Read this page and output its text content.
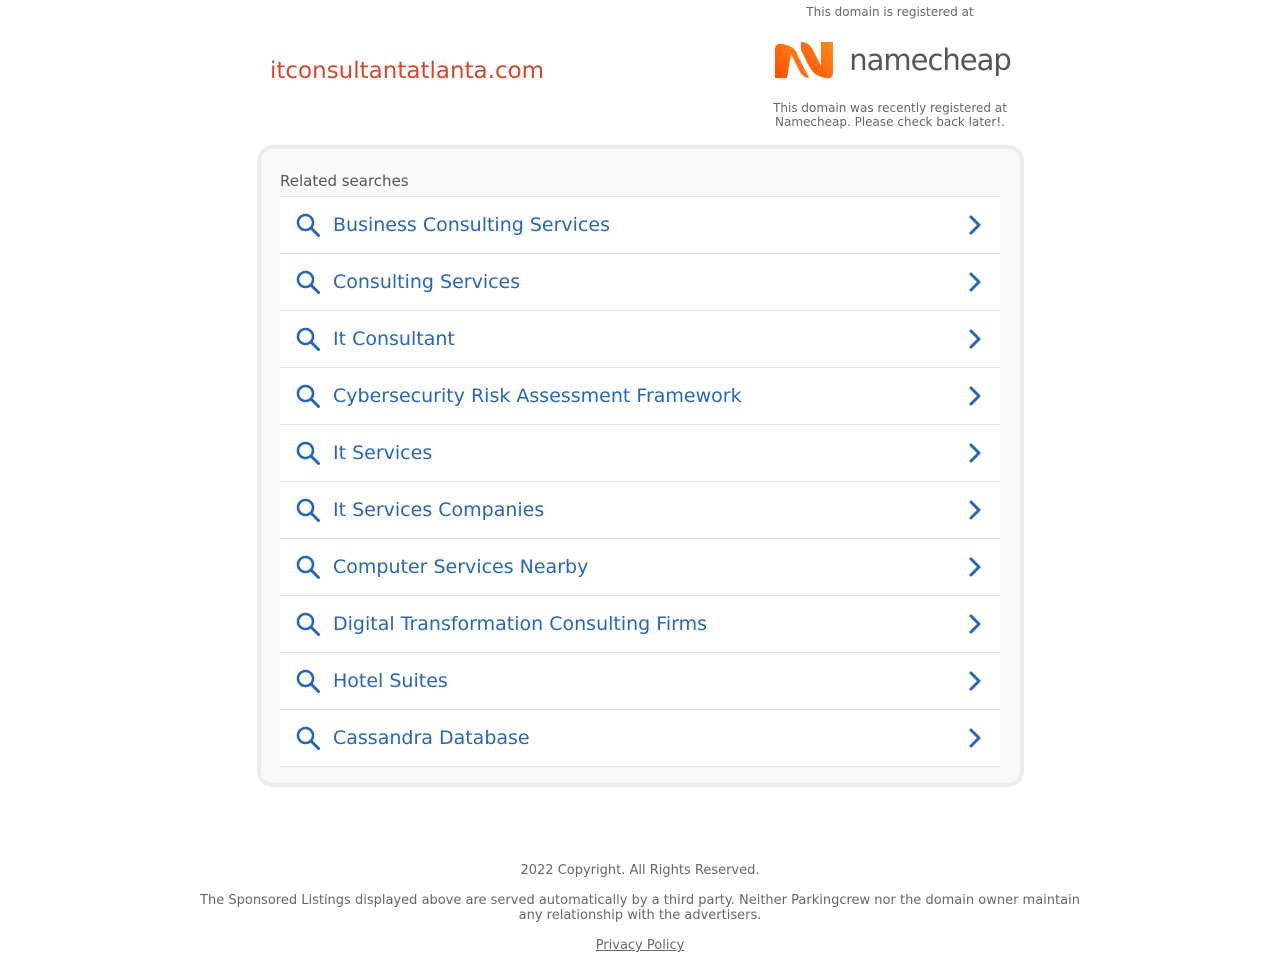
itconsultantatlanta.com
This domain is registered at
namecheap
This domain was recently registered at Namecheap. Please check back later!.
Related searches
Business Consulting Services
Consulting Services
It Consultant
Cybersecurity Risk Assessment Framework
It Services
It Services Companies
Computer Services Nearby
Digital Transformation Consulting Firms
Hotel Suites
Cassandra Database
2022 Copyright. All Rights Reserved.
The Sponsored Listings displayed above are served automatically by a third party. Neither Parkingcrew nor the domain owner maintain any relationship with the advertisers.
Privacy Policy
